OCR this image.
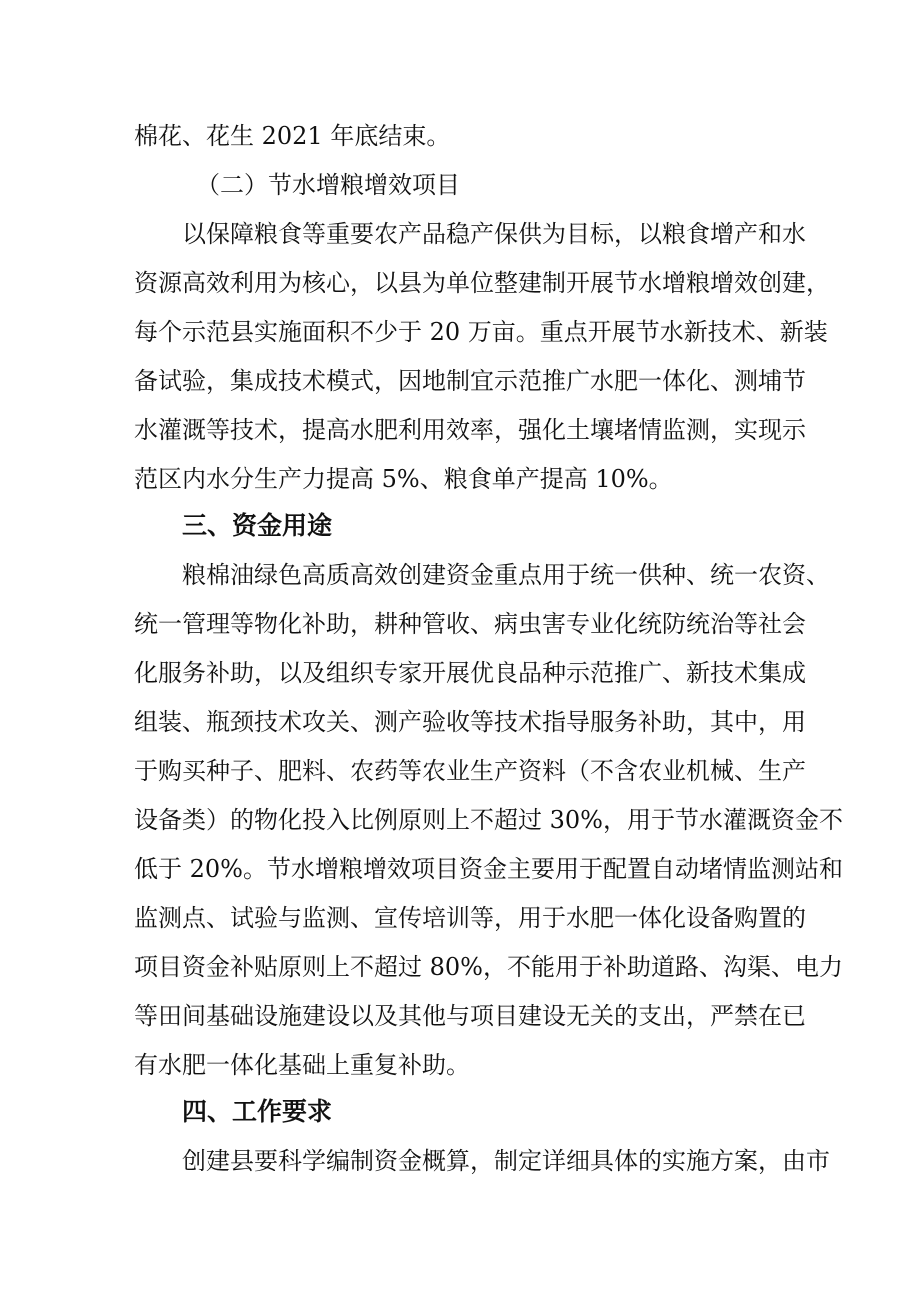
棉花、花生 2021 年底结束。
（二）节水增粮增效项目
以保障粮食等重要农产品稳产保供为目标，以粮食增产和水
资源高效利用为核心，以县为单位整建制开展节水增粮增效创建，
每个示范县实施面积不少于 20 万亩。重点开展节水新技术、新装
备试验，集成技术模式，因地制宜示范推广水肥一体化、测埔节
水灌溉等技术，提高水肥利用效率，强化土壤堵情监测，实现示
范区内水分生产力提高 5%、粮食单产提高 10%。
三、资金用途
粮棉油绿色高质高效创建资金重点用于统一供种、统一农资、
统一管理等物化补助，耕种管收、病虫害专业化统防统治等社会
化服务补助，以及组织专家开展优良品种示范推广、新技术集成
组装、瓶颈技术攻关、测产验收等技术指导服务补助，其中，用
于购买种子、肥料、农药等农业生产资料（不含农业机械、生产
设备类）的物化投入比例原则上不超过 30%，用于节水灌溉资金不
低于 20%。节水增粮增效项目资金主要用于配置自动堵情监测站和
监测点、试验与监测、宣传培训等，用于水肥一体化设备购置的
项目资金补贴原则上不超过 80%，不能用于补助道路、沟渠、电力
等田间基础设施建设以及其他与项目建设无关的支出，严禁在已
有水肥一体化基础上重复补助。
四、工作要求
创建县要科学编制资金概算，制定详细具体的实施方案，由市
